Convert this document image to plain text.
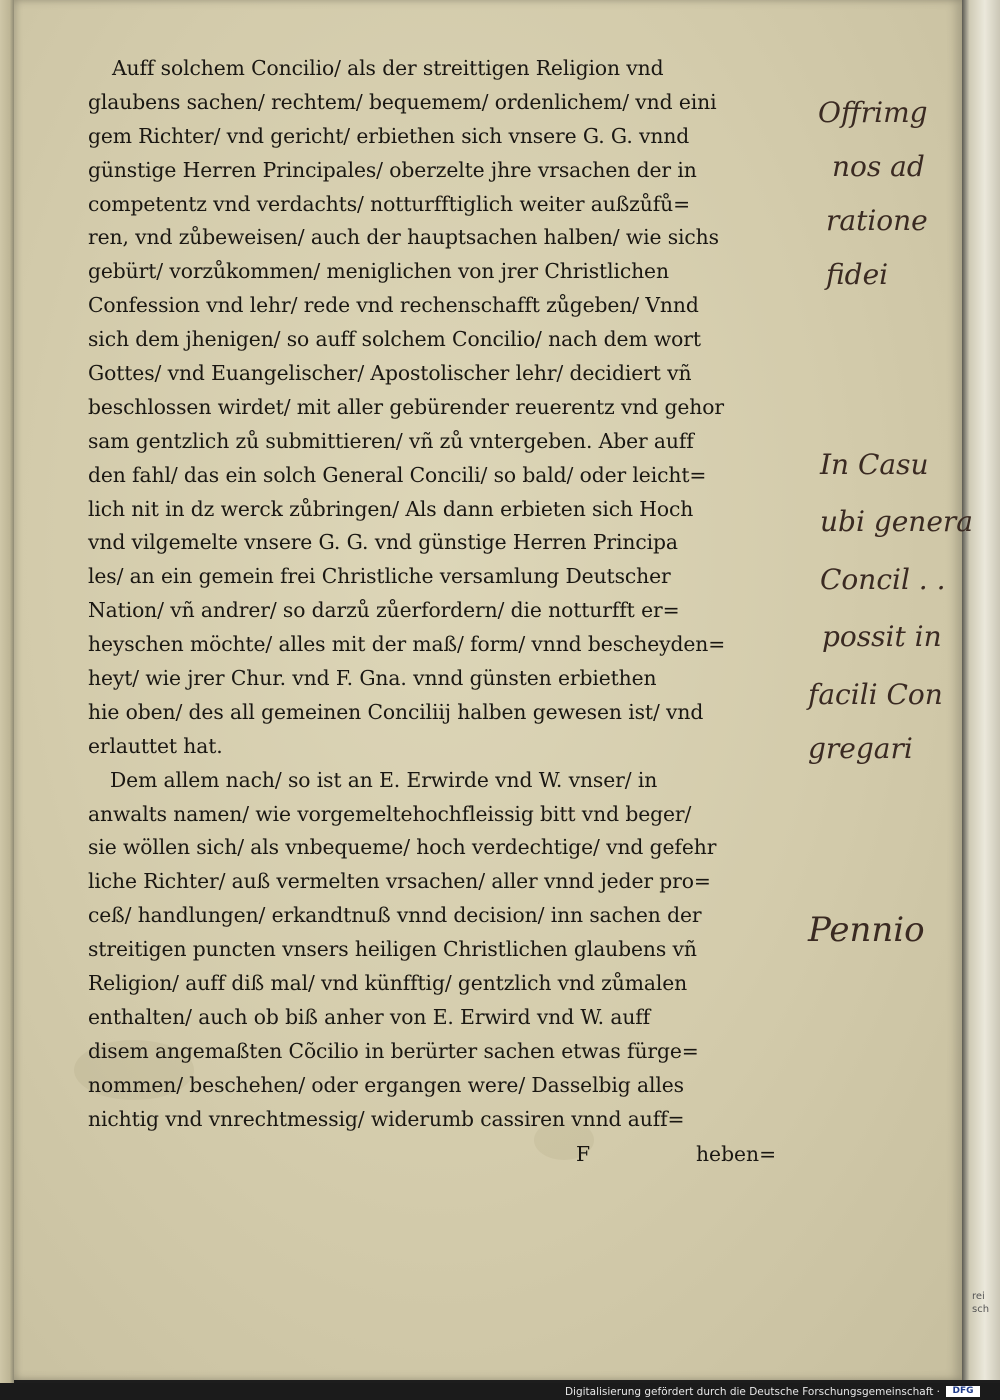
rei
sch
Auff solchem Concilio/ als der streittigen Religion vnd
glaubens sachen/ rechtem/ bequemem/ ordenlichem/ vnd eini
gem Richter/ vnd gericht/ erbiethen sich vnsere G. G. vnnd
günstige Herren Principales/ oberzelte jhre vrsachen der in
competentz vnd verdachts/ notturfftiglich weiter außzůfů=
ren, vnd zůbeweisen/ auch der hauptsachen halben/ wie sichs
gebürt/ vorzůkommen/ meniglichen von jrer Christlichen
Confession vnd lehr/ rede vnd rechenschafft zůgeben/ Vnnd
sich dem jhenigen/ so auff solchem Concilio/ nach dem wort
Gottes/ vnd Euangelischer/ Apostolischer lehr/ decidiert vñ
beschlossen wirdet/ mit aller gebürender reuerentz vnd gehor
sam gentzlich zů submittieren/ vñ zů vntergeben. Aber auff
den fahl/ das ein solch General Concili/ so bald/ oder leicht=
lich nit in dz werck zůbringen/ Als dann erbieten sich Hoch
vnd vilgemelte vnsere G. G. vnd günstige Herren Principa
les/ an ein gemein frei Christliche versamlung Deutscher
Nation/ vñ andrer/ so darzů zůerfordern/ die notturfft er=
heyschen möchte/ alles mit der maß/ form/ vnnd bescheyden=
heyt/ wie jrer Chur. vnd F. Gna. vnnd günsten erbiethen
hie oben/ des all gemeinen Conciliij halben gewesen ist/ vnd
erlauttet hat.
Dem allem nach/ so ist an E. Erwirde vnd W. vnser/ in
anwalts namen/ wie vorgemeltehochfleissig bitt vnd beger/
sie wöllen sich/ als vnbequeme/ hoch verdechtige/ vnd gefehr
liche Richter/ auß vermelten vrsachen/ aller vnnd jeder pro=
ceß/ handlungen/ erkandtnuß vnnd decision/ inn sachen der
streitigen puncten vnsers heiligen Christlichen glaubens vñ
Religion/ auff diß mal/ vnd künfftig/ gentzlich vnd zůmalen
enthalten/ auch ob biß anher von E. Erwird vnd W. auff
disem angemaßten Cõcilio in berürter sachen etwas fürge=
nommen/ beschehen/ oder ergangen were/ Dasselbig alles
nichtig vnd vnrechtmessig/ widerumb cassiren vnnd auff=
F	heben=
Offrimg
nos ad
ratione
fidei
In Casu
ubi genera
Concil . .
possit in
facili Con
gregari
Pennio
Digitalisierung gefördert durch die Deutsche Forschungsgemeinschaft ·	DFG
